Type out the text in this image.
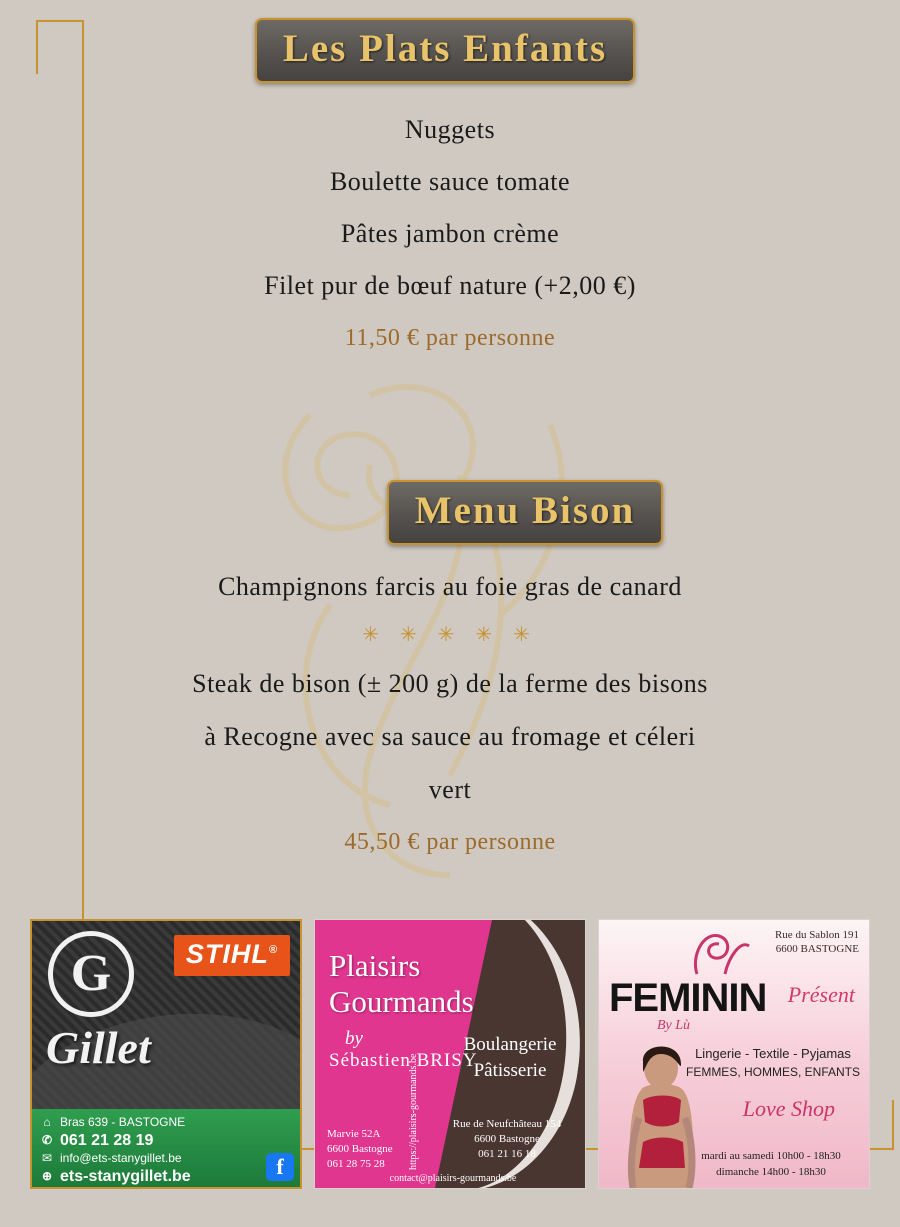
Les Plats Enfants
Nuggets
Boulette sauce tomate
Pâtes jambon crème
Filet pur de bœuf nature (+2,00 €)
11,50 € par personne
Menu Bison
Champignons farcis au foie gras de canard
✳ ✳ ✳ ✳ ✳
Steak de bison (± 200 g) de la ferme des bisons
à Recogne avec sa sauce au fromage et céleri
vert
45,50 € par personne
STIHL®
G
Gillet
⌂ Bras 639 - BASTOGNE
✆ 061 21 28 19
✉ info@ets-stanygillet.be
⊕ ets-stanygillet.be	f
Plaisirs
Gourmands
by
Sébastien BRISY
Boulangerie
Pâtisserie
Marvie 52A
6600 Bastogne
061 28 75 28
Rue de Neufchâteau 154
6600 Bastogne
061 21 16 18
https://plaisirs-gourmands.be
contact@plaisirs-gourmands.be
Rue du Sablon 191
6600 BASTOGNE
FEMININ Présent
By Lù
Lingerie - Textile - Pyjamas
FEMMES, HOMMES, ENFANTS
Love Shop
mardi au samedi 10h00 - 18h30
dimanche 14h00 - 18h30
